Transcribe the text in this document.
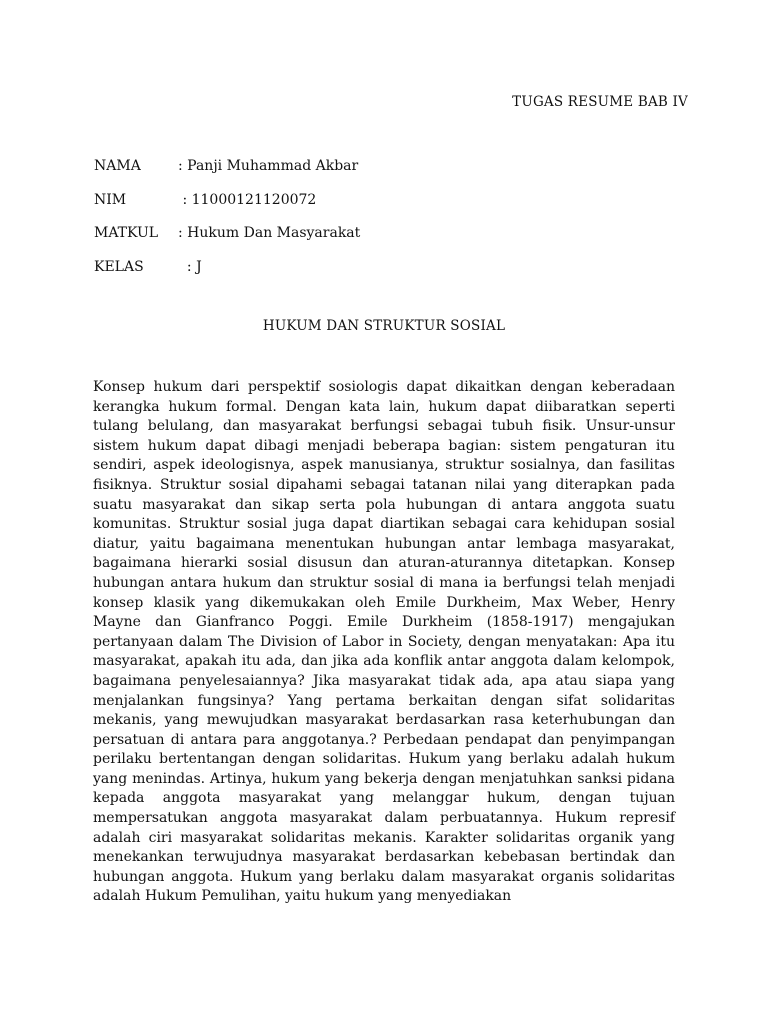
TUGAS RESUME BAB IV
NAMA	: Panji Muhammad Akbar
NIM	: 11000121120072
MATKUL	: Hukum Dan Masyarakat
KELAS	: J
HUKUM DAN STRUKTUR SOSIAL

Konsep hukum dari perspektif sosiologis dapat dikaitkan dengan keberadaan kerangka hukum formal. Dengan kata lain, hukum dapat diibaratkan seperti tulang belulang, dan masyarakat berfungsi sebagai tubuh fisik. Unsur-unsur sistem hukum dapat dibagi menjadi beberapa bagian: sistem pengaturan itu sendiri, aspek ideologisnya, aspek manusianya, struktur sosialnya, dan fasilitas fisiknya. Struktur sosial dipahami sebagai tatanan nilai yang diterapkan pada suatu masyarakat dan sikap serta pola hubungan di antara anggota suatu komunitas. Struktur sosial juga dapat diartikan sebagai cara kehidupan sosial diatur, yaitu bagaimana menentukan hubungan antar lembaga masyarakat, bagaimana hierarki sosial disusun dan aturan-aturannya ditetapkan. Konsep hubungan antara hukum dan struktur sosial di mana ia berfungsi telah menjadi konsep klasik yang dikemukakan oleh Emile Durkheim, Max Weber, Henry Mayne dan Gianfranco Poggi. Emile Durkheim (1858-1917) mengajukan pertanyaan dalam The Division of Labor in Society, dengan menyatakan: Apa itu masyarakat, apakah itu ada, dan jika ada konflik antar anggota dalam kelompok, bagaimana penyelesaiannya? Jika masyarakat tidak ada, apa atau siapa yang menjalankan fungsinya? Yang pertama berkaitan dengan sifat solidaritas mekanis, yang mewujudkan masyarakat berdasarkan rasa keterhubungan dan persatuan di antara para anggotanya.? Perbedaan pendapat dan penyimpangan perilaku bertentangan dengan solidaritas. Hukum yang berlaku adalah hukum yang menindas. Artinya, hukum yang bekerja dengan menjatuhkan sanksi pidana kepada anggota masyarakat yang melanggar hukum, dengan tujuan mempersatukan anggota masyarakat dalam perbuatannya. Hukum represif adalah ciri masyarakat solidaritas mekanis. Karakter solidaritas organik yang menekankan terwujudnya masyarakat berdasarkan kebebasan bertindak dan hubungan anggota. Hukum yang berlaku dalam masyarakat organis solidaritas adalah Hukum Pemulihan, yaitu hukum yang menyediakan
